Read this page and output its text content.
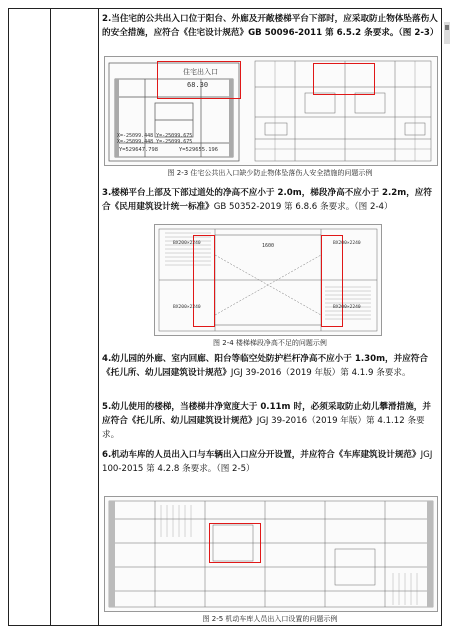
2.当住宅的公共出入口位于阳台、外廊及开敞楼梯平台下部时，应采取防止物体坠落伤人的安全措施，应符合《住宅设计规范》GB 50096-2011 第 6.5.2 条要求。（图 2-3）
住宅出入口
68.30
X=-25099.448 Y=-25099.675
X=-25099.448 Y=-25099.675
Y=529647.798	Y=529655.196
图 2-3 住宅公共出入口缺少防止物体坠落伤人安全措施的问题示例
3.楼梯平台上部及下部过道处的净高不应小于 2.0m，梯段净高不应小于 2.2m，应符合《民用建筑设计统一标准》GB 50352-2019 第 6.8.6 条要求。（图 2-4）
BX200×2240	1600	BX200×2240
BX200×2240	BX200×2240
图 2-4 楼梯梯段净高不足的问题示例
4.幼儿园的外廊、室内回廊、阳台等临空处防护栏杆净高不应小于 1.30m，并应符合《托儿所、幼儿园建筑设计规范》JGJ 39-2016（2019 年版）第 4.1.9 条要求。
5.幼儿使用的楼梯，当楼梯井净宽度大于 0.11m 时，必须采取防止幼儿攀滑措施，并应符合《托儿所、幼儿园建筑设计规范》JGJ 39-2016（2019 年版）第 4.1.12 条要求。
6.机动车库的人员出入口与车辆出入口应分开设置，并应符合《车库建筑设计规范》JGJ 100-2015 第 4.2.8 条要求。（图 2-5）
图 2-5 机动车库人员出入口设置的问题示例
